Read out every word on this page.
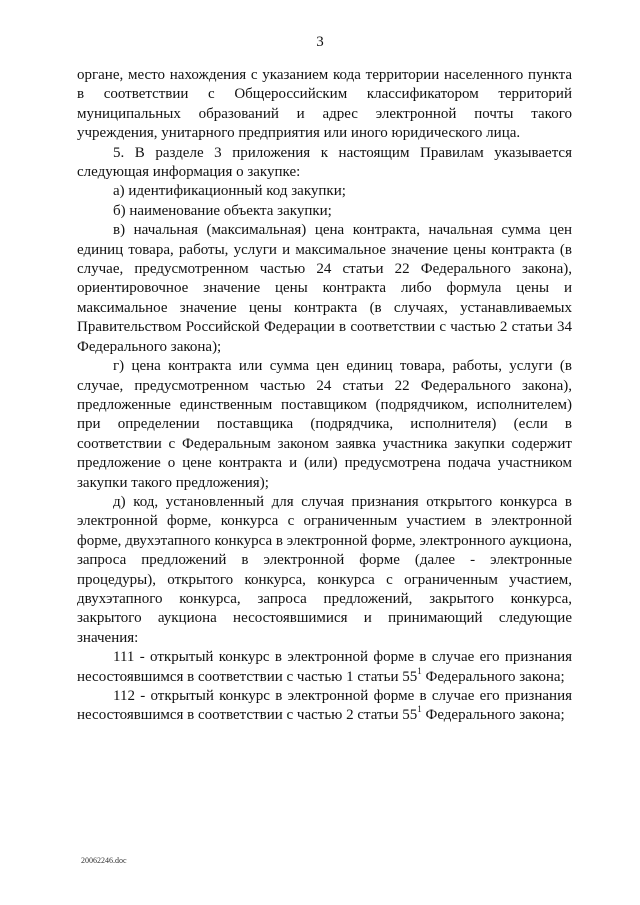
3

органе, место нахождения с указанием кода территории населенного пункта в соответствии с Общероссийским классификатором территорий муниципальных образований и адрес электронной почты такого учреждения, унитарного предприятия или иного юридического лица.

5. В разделе 3 приложения к настоящим Правилам указывается следующая информация о закупке:

а) идентификационный код закупки;

б) наименование объекта закупки;

в) начальная (максимальная) цена контракта, начальная сумма цен единиц товара, работы, услуги и максимальное значение цены контракта (в случае, предусмотренном частью 24 статьи 22 Федерального закона), ориентировочное значение цены контракта либо формула цены и максимальное значение цены контракта (в случаях, устанавливаемых Правительством Российской Федерации в соответствии с частью 2 статьи 34 Федерального закона);

г) цена контракта или сумма цен единиц товара, работы, услуги (в случае, предусмотренном частью 24 статьи 22 Федерального закона), предложенные единственным поставщиком (подрядчиком, исполнителем) при определении поставщика (подрядчика, исполнителя) (если в соответствии с Федеральным законом заявка участника закупки содержит предложение о цене контракта и (или) предусмотрена подача участником закупки такого предложения);

д) код, установленный для случая признания открытого конкурса в электронной форме, конкурса с ограниченным участием в электронной форме, двухэтапного конкурса в электронной форме, электронного аукциона, запроса предложений в электронной форме (далее - электронные процедуры), открытого конкурса, конкурса с ограниченным участием, двухэтапного конкурса, запроса предложений, закрытого конкурса, закрытого аукциона несостоявшимися и принимающий следующие значения:

111 - открытый конкурс в электронной форме в случае его признания несостоявшимся в соответствии с частью 1 статьи $55^1$ Федерального закона;

112 - открытый конкурс в электронной форме в случае его признания несостоявшимся в соответствии с частью 2 статьи $55^1$ Федерального закона;

20062246.doc
